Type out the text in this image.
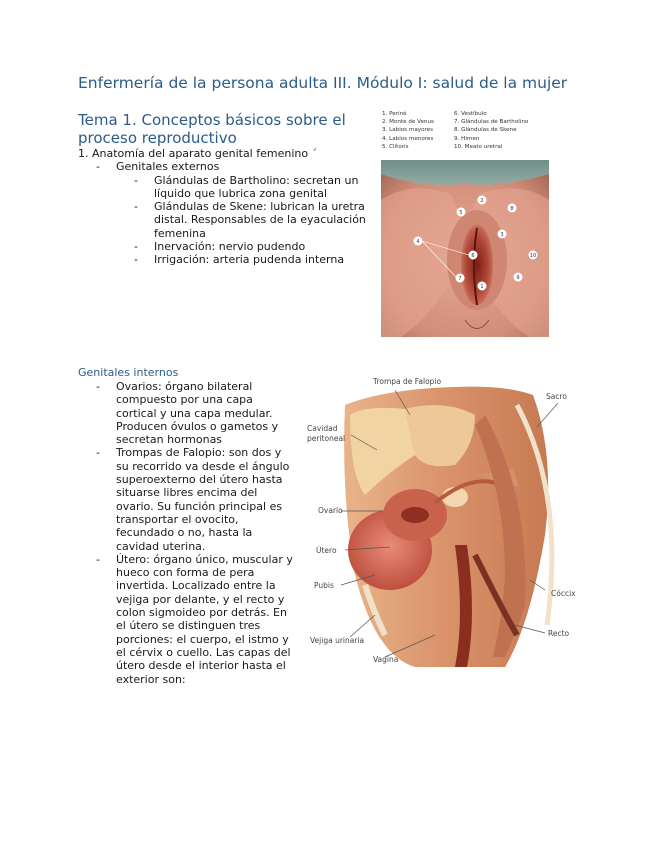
Enfermería de la persona adulta III. Módulo I: salud de la mujer
Tema 1. Conceptos básicos sobre el proceso reproductivo
1. Anatomía del aparato genital femenino ´
- Genitales externos
- Glándulas de Bartholino: secretan un líquido que lubrica zona genital
- Glándulas de Skene: lubrican la uretra distal. Responsables de la eyaculación femenina
- Inervación: nervio pudendo
- Irrigación: arteria pudenda interna
Genitales internos
- Ovarios: órgano bilateral compuesto por una capa cortical y una capa medular. Producen óvulos o gametos y secretan hormonas
- Trompas de Falopio: son dos y su recorrido va desde el ángulo superoexterno del útero hasta situarse libres encima del ovario. Su función principal es transportar el ovocito, fecundado o no, hasta la cavidad uterina.
- Útero: órgano único, muscular y hueco con forma de pera invertida. Localizado entre la vejiga por delante, y el recto y colon sigmoideo por detrás. En el útero se distinguen tres porciones: el cuerpo, el istmo y el cérvix o cuello. Las capas del útero desde el interior hasta el exterior son:
1. Periné
2. Monte de Venus
3. Labios mayores
4. Labios menores
5. Clítoris
6. Vestíbulo
7. Glándulas de Bartholino
8. Glándulas de Skene
9. Himen
10. Meato uretral
2
5
8
3
4
6	10
7	9
1
Trompa de Falopio
Sacro
Cavidad
peritoneal
Ovario
Útero
Pubis
Cóccix
Recto
Vejiga urinaria
Vagina
